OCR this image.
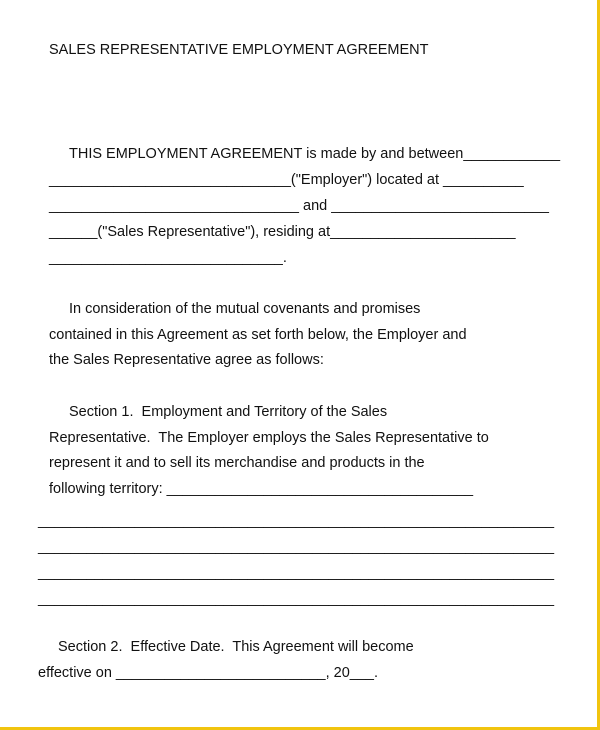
SALES REPRESENTATIVE EMPLOYMENT AGREEMENT
THIS EMPLOYMENT AGREEMENT is made by and between____________
______________________________("Employer") located at __________
_______________________________ and ___________________________
______("Sales Representative"), residing at_______________________
_____________________________.
In consideration of the mutual covenants and promises
contained in this Agreement as set forth below, the Employer and
the Sales Representative agree as follows:
Section 1.  Employment and Territory of the Sales
Representative.  The Employer employs the Sales Representative to
represent it and to sell its merchandise and products in the
following territory: ______________________________________
________________________________________________________________
________________________________________________________________
________________________________________________________________
________________________________________________________________
Section 2.  Effective Date.  This Agreement will become
effective on __________________________, 20___.
